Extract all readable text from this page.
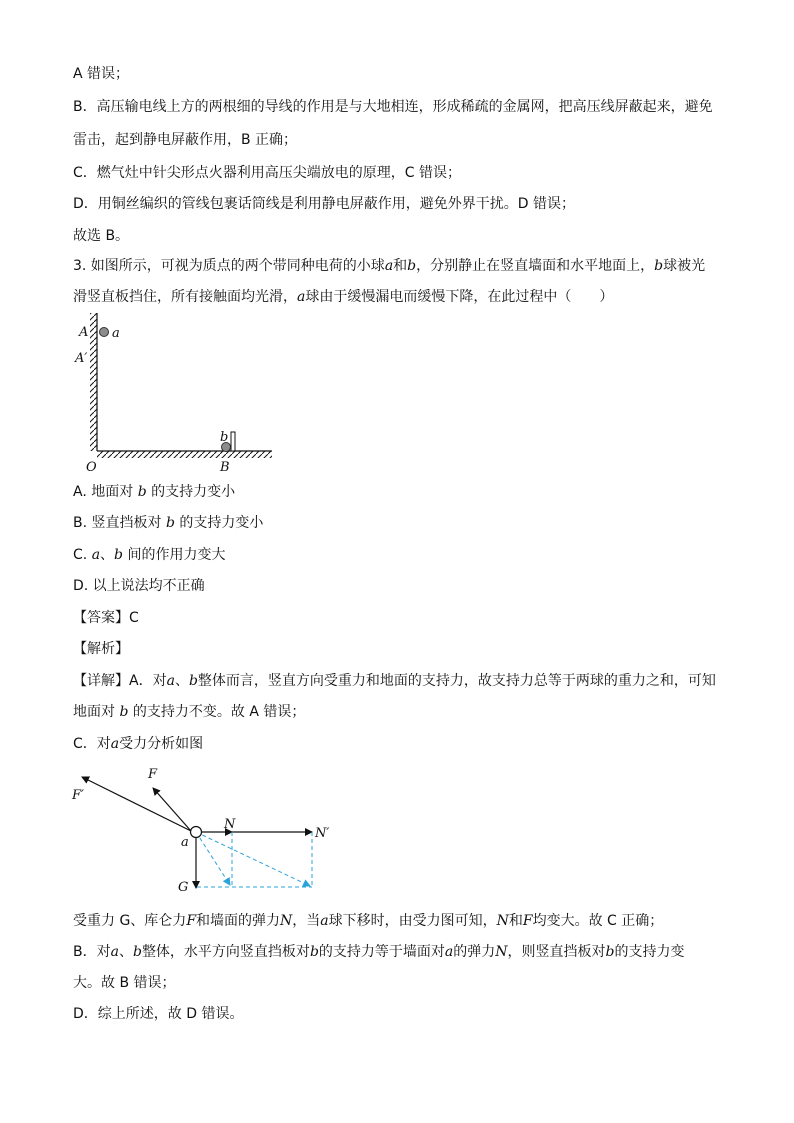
A 错误；
B．高压输电线上方的两根细的导线的作用是与大地相连，形成稀疏的金属网，把高压线屏蔽起来，避免
雷击，起到静电屏蔽作用，B 正确；
C．燃气灶中针尖形点火器利用高压尖端放电的原理，C 错误；
D．用铜丝编织的管线包裹话筒线是利用静电屏蔽作用，避免外界干扰。D 错误；
故选 B。
3. 如图所示，可视为质点的两个带同种电荷的小球a和b，分别静止在竖直墙面和水平地面上，b球被光
滑竖直板挡住，所有接触面均光滑，a球由于缓慢漏电而缓慢下降，在此过程中（　　）
A a
A′
b
O	B
A. 地面对 b 的支持力变小
B. 竖直挡板对 b 的支持力变小
C. a、b 间的作用力变大
D. 以上说法均不正确
【答案】C
【解析】
【详解】A．对a、b整体而言，竖直方向受重力和地面的支持力，故支持力总等于两球的重力之和，可知
地面对 b 的支持力不变。故 A 错误；
C．对a受力分析如图
F
F′
N
N′
a
G
受重力 G、库仑力F和墙面的弹力N，当a球下移时，由受力图可知，N和F均变大。故 C 正确；
B．对a、b整体，水平方向竖直挡板对b的支持力等于墙面对a的弹力N，则竖直挡板对b的支持力变
大。故 B 错误；
D．综上所述，故 D 错误。
